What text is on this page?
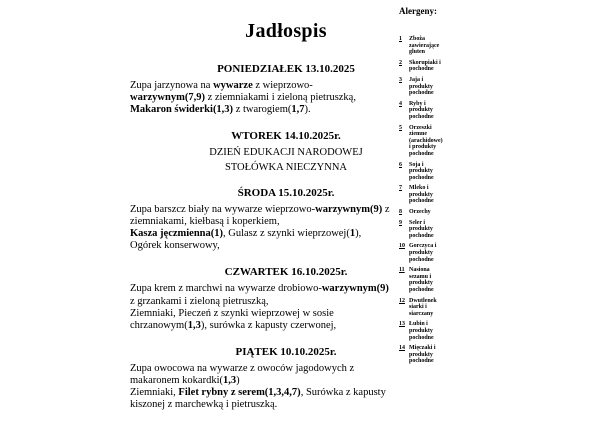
Jadłospis
PONIEDZIAŁEK 13.10.2025

Zupa jarzynowa na wywarze z wieprzowo- warzywnym(7,9) z ziemniakami i zieloną pietruszką,

Makaron świderki(1,3) z twarogiem(1,7).

WTOREK 14.10.2025r.

DZIEŃ EDUKACJI NARODOWEJ

STOŁÓWKA NIECZYNNA

ŚRODA 15.10.2025r.

Zupa barszcz biały na wywarze wieprzowo-warzywnym(9) z ziemniakami, kiełbasą i koperkiem,

Kasza jęczmienna(1), Gulasz z szynki wieprzowej(1), Ogórek konserwowy,

CZWARTEK 16.10.2025r.

Zupa krem z marchwi na wywarze drobiowo-warzywnym(9) z grzankami i zieloną pietruszką,

Ziemniaki, Pieczeń z szynki wieprzowej w sosie chrzanowym(1,3), surówka z kapusty czerwonej,

PIĄTEK 10.10.2025r.

Zupa owocowa na wywarze z owoców jagodowych z makaronem kokardki(1,3)

Ziemniaki, Filet rybny z serem(1,3,4,7), Surówka z kapusty kiszonej z marchewką i pietruszką.

Alergeny:
1	Zboża zawierające gluten
2	Skorupiaki i pochodne
3	Jaja i produkty pochodne
4	Ryby i produkty pochodne
5	Orzeszki ziemne (arachidowe) i produkty pochodne
6	Soja i produkty pochodne
7	Mleko i produkty pochodne
8	Orzechy
9	Seler i produkty pochodne
10 Gorczyca i produkty pochodne
11 Nasiona sezamu i produkty pochodne
12 Dwutlenek siarki i siarczany
13 Łubin i produkty pochodne
14 Mięczaki i produkty pochodne
